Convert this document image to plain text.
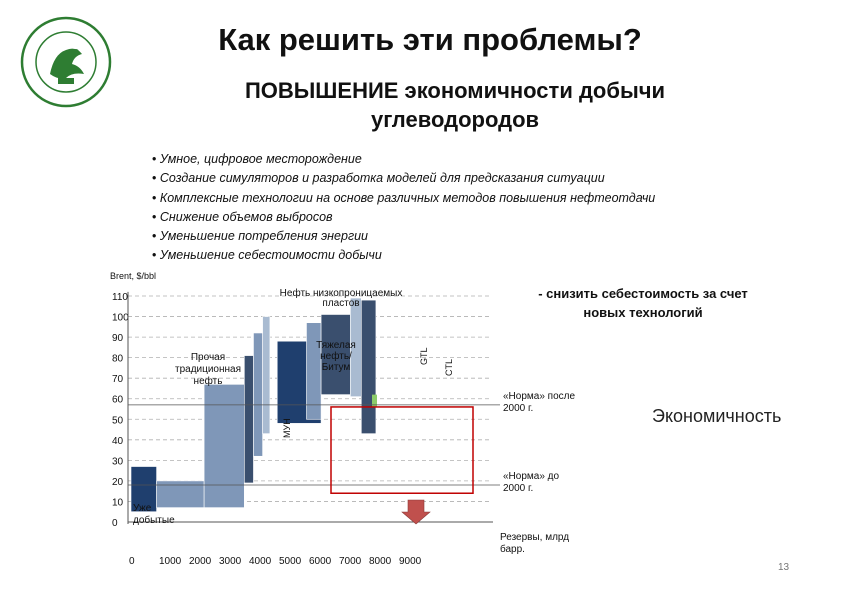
Как решить эти проблемы?
ПОВЫШЕНИЕ экономичности добычи углеводородов
• Умное, цифровое месторождение
• Создание симуляторов и разработка моделей для предсказания ситуации
• Комплексные технологии на основе различных методов повышения нефтеотдачи
• Снижение объемов выбросов
• Уменьшение потребления энергии
• Уменьшение себестоимости добычи
Brent, $/bbl
0
10
20
30
40
50
60
70
80
90
100
110
0 1000 2000 3000 4000 5000 6000 7000 8000 9000
Уже добытые
Прочая традиционная нефть
Нефть низкопроницаемых пластов
Тяжелая нефть/ Битум
МУН
GTL
CTL
«Норма» после 2000 г.
«Норма» до 2000 г.
Резервы, млрд барр.
- снизить себестоимость за счет новых технологий
Экономичность
13
